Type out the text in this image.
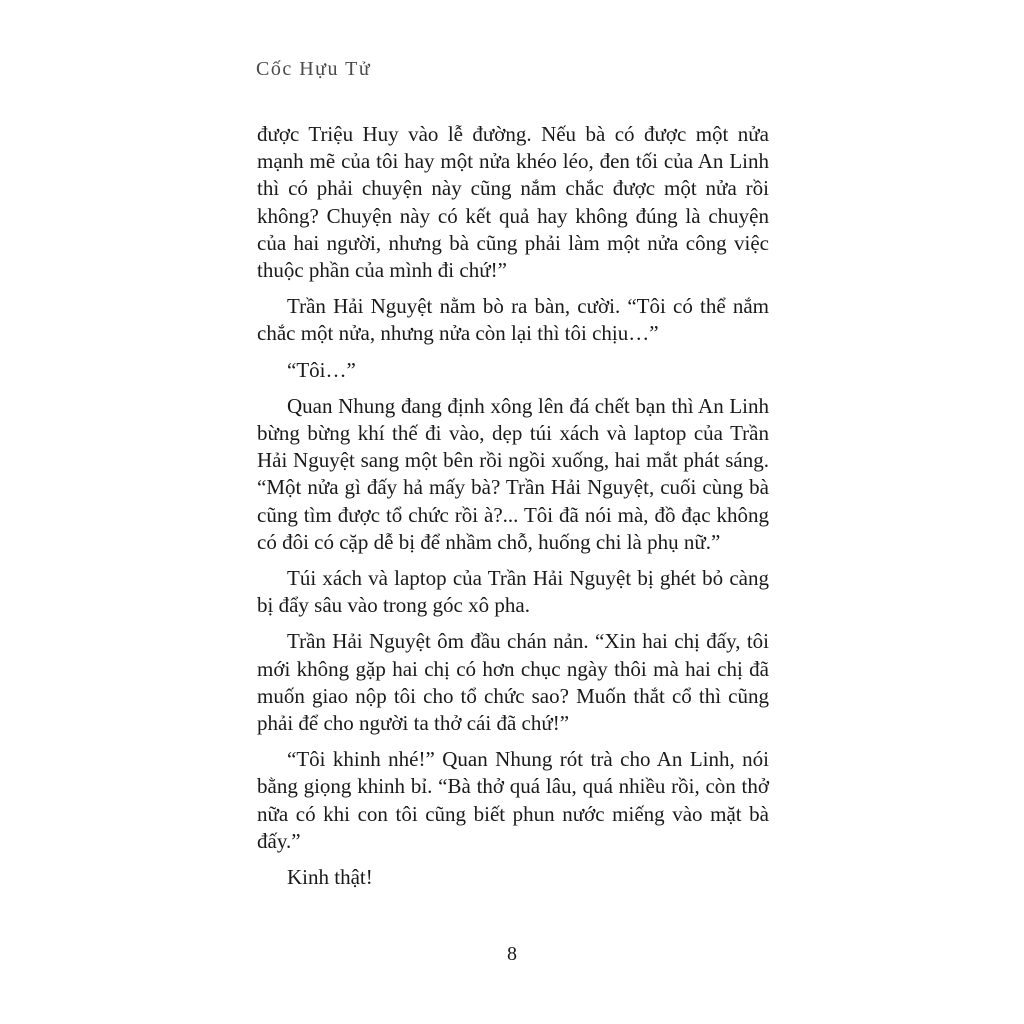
Cốc Hựu Tử

được Triệu Huy vào lễ đường. Nếu bà có được một nửa mạnh mẽ của tôi hay một nửa khéo léo, đen tối của An Linh thì có phải chuyện này cũng nắm chắc được một nửa rồi không? Chuyện này có kết quả hay không đúng là chuyện của hai người, nhưng bà cũng phải làm một nửa công việc thuộc phần của mình đi chứ!”

Trần Hải Nguyệt nằm bò ra bàn, cười. “Tôi có thể nắm chắc một nửa, nhưng nửa còn lại thì tôi chịu…”

“Tôi…”

Quan Nhung đang định xông lên đá chết bạn thì An Linh bừng bừng khí thế đi vào, dẹp túi xách và laptop của Trần Hải Nguyệt sang một bên rồi ngồi xuống, hai mắt phát sáng. “Một nửa gì đấy hả mấy bà? Trần Hải Nguyệt, cuối cùng bà cũng tìm được tổ chức rồi à?... Tôi đã nói mà, đồ đạc không có đôi có cặp dễ bị để nhầm chỗ, huống chi là phụ nữ.”

Túi xách và laptop của Trần Hải Nguyệt bị ghét bỏ càng bị đẩy sâu vào trong góc xô pha.

Trần Hải Nguyệt ôm đầu chán nản. “Xin hai chị đấy, tôi mới không gặp hai chị có hơn chục ngày thôi mà hai chị đã muốn giao nộp tôi cho tổ chức sao? Muốn thắt cổ thì cũng phải để cho người ta thở cái đã chứ!”

“Tôi khinh nhé!” Quan Nhung rót trà cho An Linh, nói bằng giọng khinh bỉ. “Bà thở quá lâu, quá nhiều rồi, còn thở nữa có khi con tôi cũng biết phun nước miếng vào mặt bà đấy.”

Kinh thật!

8
